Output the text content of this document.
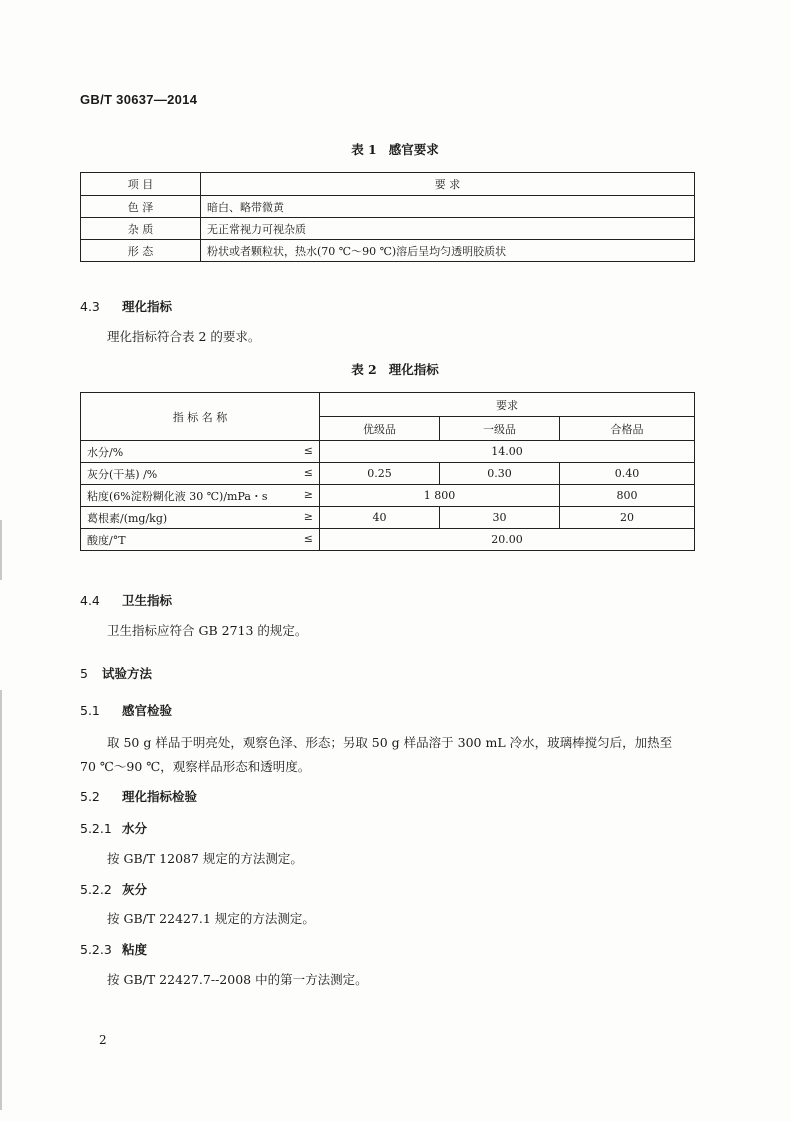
GB/T 30637—2014
表 1 感官要求
项 目	要 求
色 泽	暗白、略带微黄
杂 质	无正常视力可视杂质
形 态	粉状或者颗粒状，热水(70 ℃～90 ℃)溶后呈均匀透明胶质状
4.3 理化指标
理化指标符合表 2 的要求。
表 2 理化指标
指 标 名 称	要求		
	优级品	一级品	合格品
水分/% ≤	14.00		
灰分(干基) /% ≤	0.25	0.30	0.40
粘度(6%淀粉糊化液 30 ℃)/mPa・s ≥	1 800		800
葛根素/(mg/kg) ≥	40	30	20
酸度/°T ≤	20.00		
4.4 卫生指标
卫生指标应符合 GB 2713 的规定。
5 试验方法
5.1 感官检验
取 50 g 样品于明亮处，观察色泽、形态；另取 50 g 样品溶于 300 mL 冷水，玻璃棒搅匀后，加热至
70 ℃～90 ℃，观察样品形态和透明度。
5.2 理化指标检验
5.2.1 水分
按 GB/T 12087 规定的方法测定。
5.2.2 灰分
按 GB/T 22427.1 规定的方法测定。
5.2.3 粘度
按 GB/T 22427.7--2008 中的第一方法测定。
2
